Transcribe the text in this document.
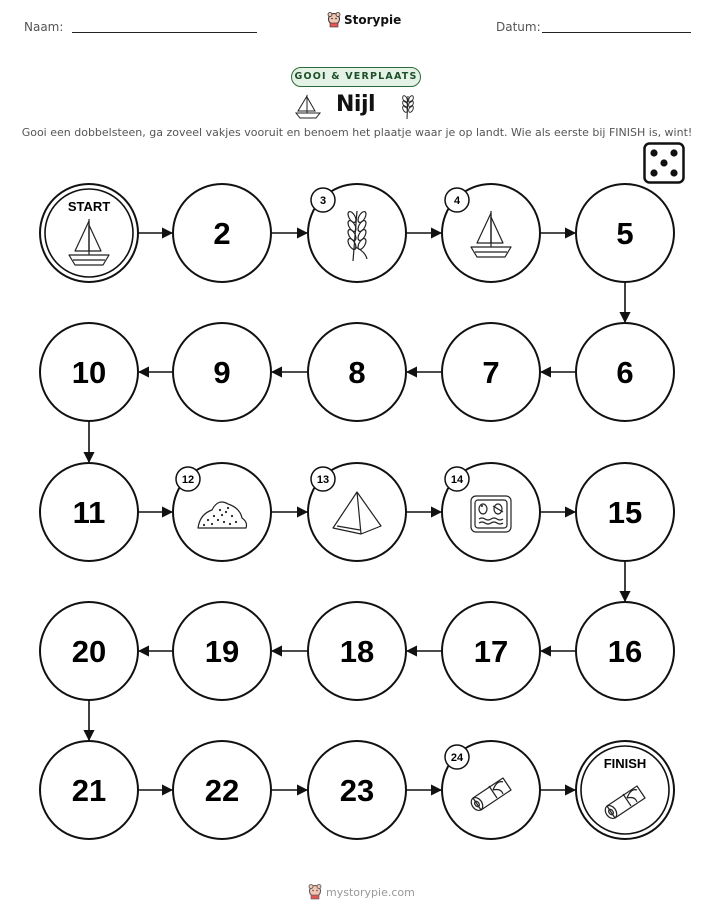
Naam:	Storypie	Datum:
GOOI & VERPLAATS
Nijl
Gooi een dobbelsteen, ga zoveel vakjes vooruit en benoem het plaatje waar je op landt. Wie als eerste bij FINISH is, wint!
START
2
3	4
5
6
7
8
9
10
11
12	13	14
15
16
17
18
19
20
21	22	23
24	FINISH
mystorypie.com
